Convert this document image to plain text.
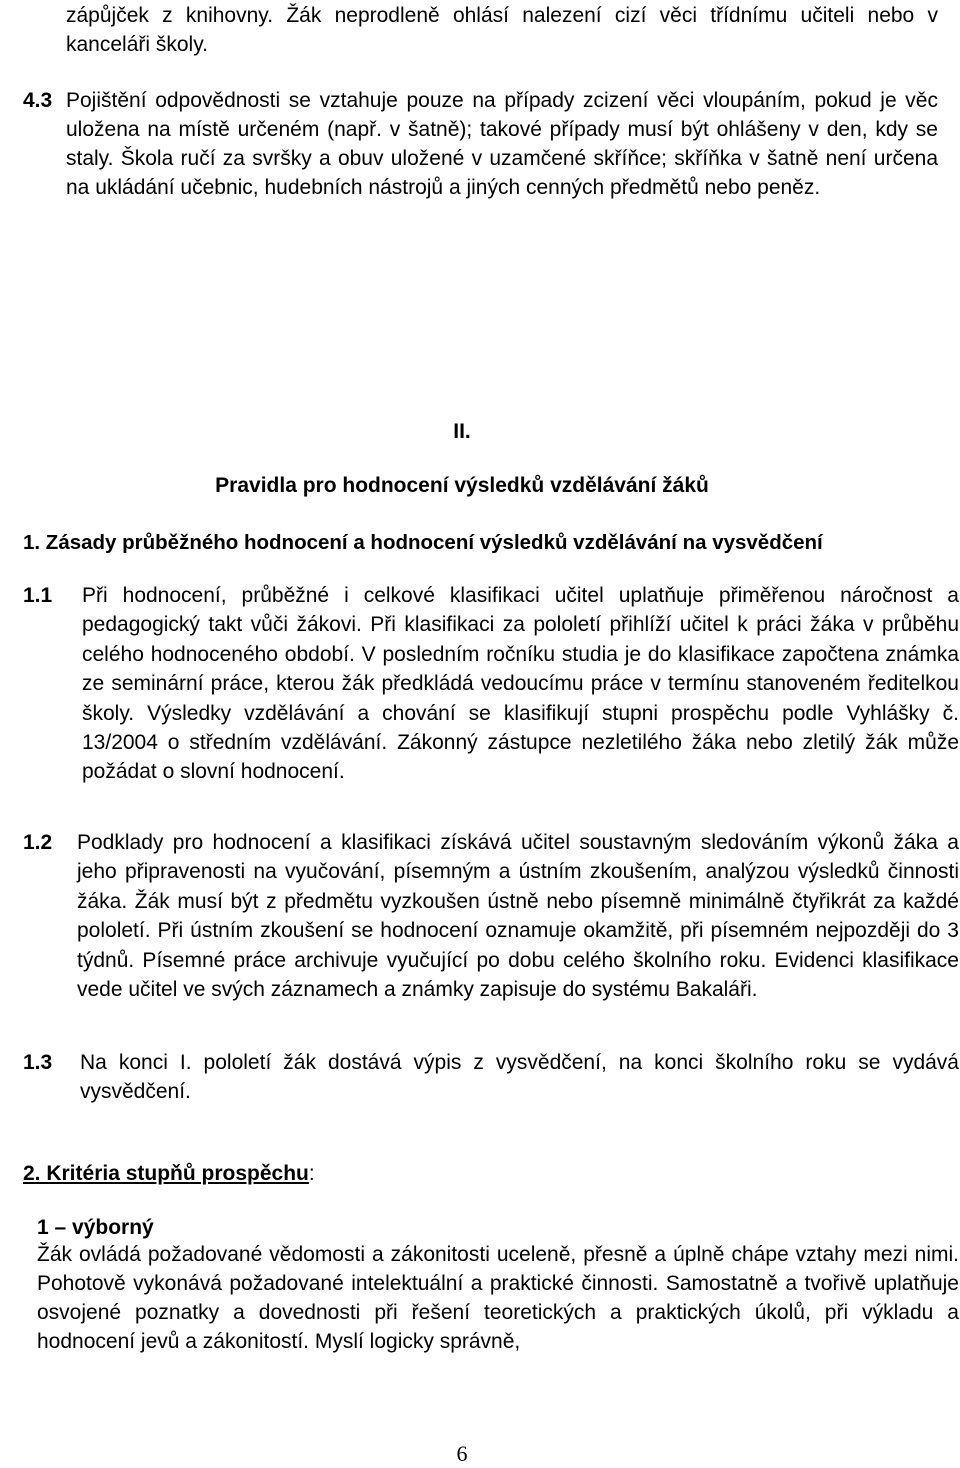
zápůjček z knihovny. Žák neprodleně ohlásí nalezení cizí věci třídnímu učiteli nebo v kanceláři školy.
4.3 Pojištění odpovědnosti se vztahuje pouze na případy zcizení věci vloupáním, pokud je věc uložena na místě určeném (např. v šatně); takové případy musí být ohlášeny v den, kdy se staly. Škola ručí za svršky a obuv uložené v uzamčené skříňce; skříňka v šatně není určena na ukládání učebnic, hudebních nástrojů a jiných cenných předmětů nebo peněz.
II.
Pravidla pro hodnocení výsledků vzdělávání žáků
1. Zásady průběžného hodnocení a hodnocení výsledků vzdělávání na vysvědčení
1.1 Při hodnocení, průběžné i celkové klasifikaci učitel uplatňuje přiměřenou náročnost a pedagogický takt vůči žákovi. Při klasifikaci za pololetí přihlíží učitel k práci žáka v průběhu celého hodnoceného období. V posledním ročníku studia je do klasifikace započtena známka ze seminární práce, kterou žák předkládá vedoucímu práce v termínu stanoveném ředitelkou školy. Výsledky vzdělávání a chování se klasifikují stupni prospěchu podle Vyhlášky č. 13/2004 o středním vzdělávání. Zákonný zástupce nezletilého žáka nebo zletilý žák může požádat o slovní hodnocení.
1.2 Podklady pro hodnocení a klasifikaci získává učitel soustavným sledováním výkonů žáka a jeho připravenosti na vyučování, písemným a ústním zkoušením, analýzou výsledků činnosti žáka. Žák musí být z předmětu vyzkoušen ústně nebo písemně minimálně čtyřikrát za každé pololetí. Při ústním zkoušení se hodnocení oznamuje okamžitě, při písemném nejpozději do 3 týdnů. Písemné práce archivuje vyučující po dobu celého školního roku. Evidenci klasifikace vede učitel ve svých záznamech a známky zapisuje do systému Bakaláři.
1.3 Na konci I. pololetí žák dostává výpis z vysvědčení, na konci školního roku se vydává vysvědčení.
2. Kritéria stupňů prospěchu:
1 – výborný
Žák ovládá požadované vědomosti a zákonitosti uceleně, přesně a úplně chápe vztahy mezi nimi. Pohotově vykonává požadované intelektuální a praktické činnosti. Samostatně a tvořivě uplatňuje osvojené poznatky a dovednosti při řešení teoretických a praktických úkolů, při výkladu a hodnocení jevů a zákonitostí. Myslí logicky správně,
6
